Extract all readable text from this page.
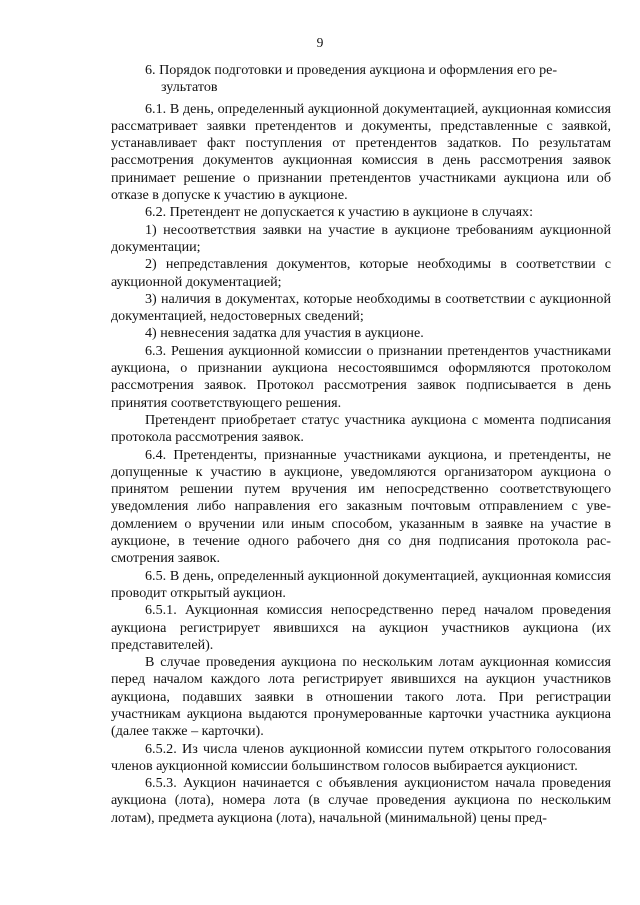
9
6. Порядок подготовки и проведения аукциона и оформления его ре-
зультатов

6.1. В день, определенный аукционной документацией, аукционная комиссия рассматривает заявки претендентов и документы, представленные с заявкой, устанавливает факт поступления от претендентов задатков. По результатам рассмотрения документов аукционная комиссия в день рассмотрения заявок принимает решение о признании претендентов участниками аукциона или об отказе в допуске к участию в аукционе.

6.2. Претендент не допускается к участию в аукционе в случаях:

1) несоответствия заявки на участие в аукционе требованиям аукционной документации;

2) непредставления документов, которые необходимы в соответствии с аукционной документацией;

3) наличия в документах, которые необходимы в соответствии с аукционной документацией, недостоверных сведений;

4) невнесения задатка для участия в аукционе.

6.3. Решения аукционной комиссии о признании претендентов участниками аукциона, о признании аукциона несостоявшимся оформляются протоколом рассмотрения заявок. Протокол рассмотрения заявок подписывается в день принятия соответствующего решения.

Претендент приобретает статус участника аукциона с момента подписания протокола рассмотрения заявок.

6.4. Претенденты, признанные участниками аукциона, и претенденты, не допущенные к участию в аукционе, уведомляются организатором аукциона о принятом решении путем вручения им непосредственно соответствующего уведомления либо направления его заказным почтовым отправлением с уведомлением о вручении или иным способом, указанным в заявке на участие в аукционе, в течение одного рабочего дня со дня подписания протокола рассмотрения заявок.

6.5. В день, определенный аукционной документацией, аукционная комиссия проводит открытый аукцион.

6.5.1. Аукционная комиссия непосредственно перед началом проведения аукциона регистрирует явившихся на аукцион участников аукциона (их представителей).

В случае проведения аукциона по нескольким лотам аукционная комиссия перед началом каждого лота регистрирует явившихся на аукцион участников аукциона, подавших заявки в отношении такого лота. При регистрации участникам аукциона выдаются пронумерованные карточки участника аукциона (далее также – карточки).

6.5.2. Из числа членов аукционной комиссии путем открытого голосования членов аукционной комиссии большинством голосов выбирается аукционист.

6.5.3. Аукцион начинается с объявления аукционистом начала проведения аукциона (лота), номера лота (в случае проведения аукциона по нескольким лотам), предмета аукциона (лота), начальной (минимальной) цены пред-
